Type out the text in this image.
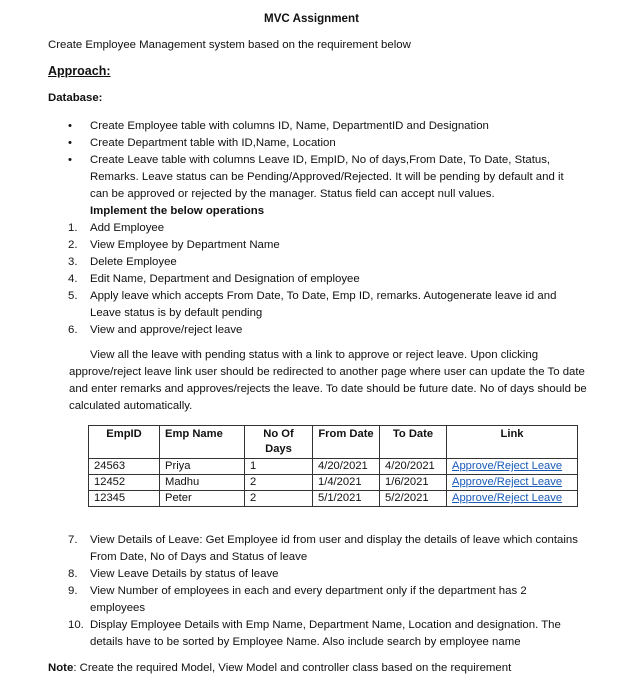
MVC Assignment
Create Employee Management system based on the requirement below
Approach:
Database:
• Create Employee table with columns ID, Name, DepartmentID and Designation
• Create Department table with ID,Name, Location
• Create Leave table with columns Leave ID, EmpID, No of days,From Date, To Date, Status, Remarks. Leave status can be Pending/Approved/Rejected. It will be pending by default and it can be approved or rejected by the manager. Status field can accept null values.
Implement the below operations
1. Add Employee
2. View Employee by Department Name
3. Delete Employee
4. Edit Name, Department and Designation of employee
5. Apply leave which accepts From Date, To Date, Emp ID, remarks. Autogenerate leave id and Leave status is by default pending
6. View and approve/reject leave
View all the leave with pending status with a link to approve or reject leave. Upon clicking approve/reject leave link user should be redirected to another page where user can update the To date and enter remarks and approves/rejects the leave. To date should be future date. No of days should be calculated automatically.
EmpID	Emp Name	No Of Days	From Date	To Date	Link
24563	Priya	1	4/20/2021	4/20/2021	Approve/Reject Leave
12452	Madhu	2	1/4/2021	1/6/2021	Approve/Reject Leave
12345	Peter	2	5/1/2021	5/2/2021	Approve/Reject Leave
7. View Details of Leave: Get Employee id from user and display the details of leave which contains From Date, No of Days and Status of leave
8. View Leave Details by status of leave
9. View Number of employees in each and every department only if the department has 2 employees
10. Display Employee Details with Emp Name, Department Name, Location and designation. The details have to be sorted by Employee Name. Also include search by employee name
Note: Create the required Model, View Model and controller class based on the requirement
